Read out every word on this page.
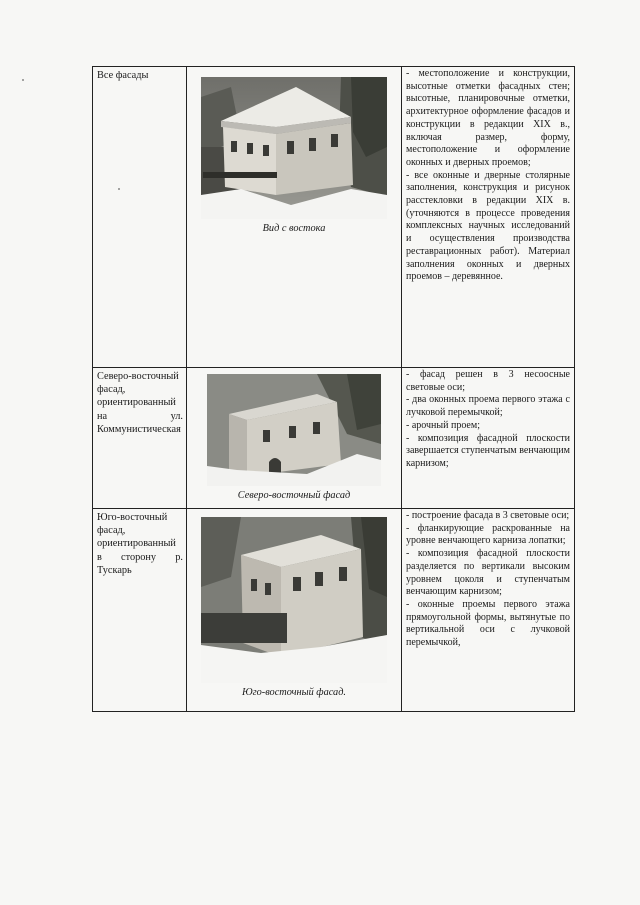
Все фасады	Вид с востока	- местоположение и конструкции, высотные отметки фасадных стен; высотные, планировочные отметки, архитектурное оформление фасадов и конструкции в редакции XIX в., включая размер, форму, местоположение и оформление оконных и дверных проемов;

- все оконные и дверные столярные заполнения, конструкция и рисунок расстекловки в редакции XIX в. (уточняются в процессе проведения комплексных научных исследований и осуществления производства реставрационных работ). Материал заполнения оконных и дверных проемов – деревянное.

Северо-восточный фасад, ориентированный на ул. Коммунистическая	Северо-восточный фасад	- фасад решен в 3 несоосные световые оси;

- два оконных проема первого этажа с лучковой перемычкой;

- арочный проем;

- композиция фасадной плоскости завершается ступенчатым венчающим карнизом;

Юго-восточный фасад, ориентированный в сторону р. Тускарь	Юго-восточный фасад.	- построение фасада в 3 световые оси;

- фланкирующие раскрованные на уровне венчающего карниза лопатки;

- композиция фасадной плоскости разделяется по вертикали высоким уровнем цоколя и ступенчатым венчающим карнизом;

- оконные проемы первого этажа прямоугольной формы, вытянутые по вертикальной оси с лучковой перемычкой,
